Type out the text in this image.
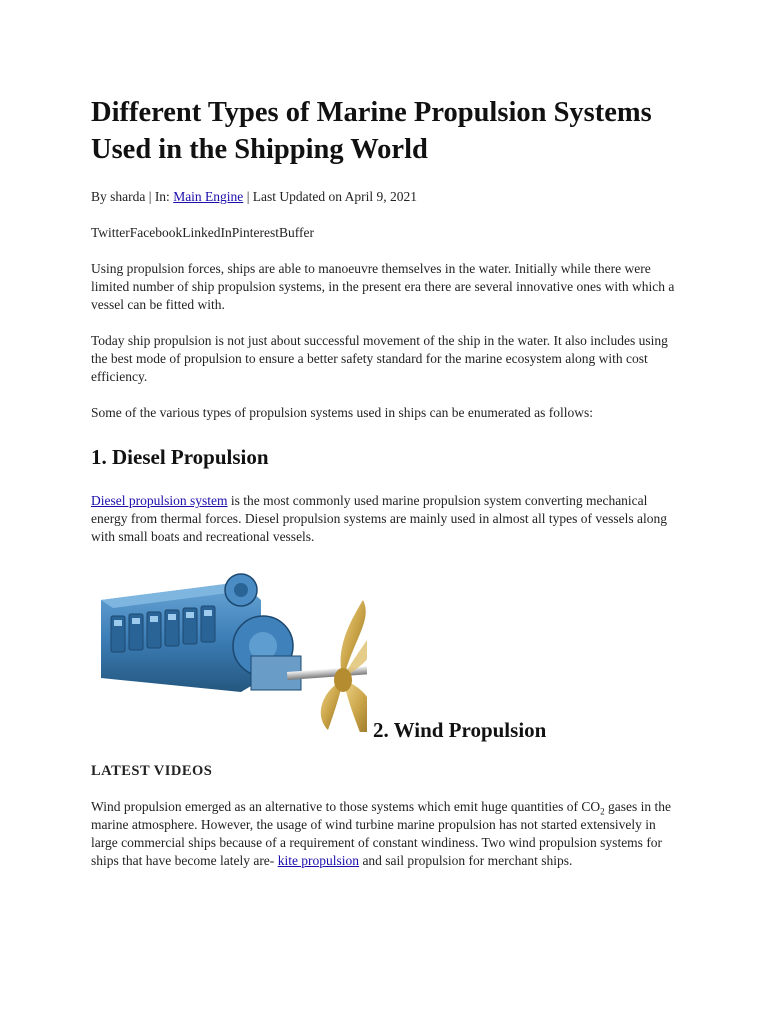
Different Types of Marine Propulsion Systems Used in the Shipping World
By sharda | In: Main Engine | Last Updated on April 9, 2021
TwitterFacebookLinkedInPinterestBuffer

Using propulsion forces, ships are able to manoeuvre themselves in the water. Initially while there were limited number of ship propulsion systems, in the present era there are several innovative ones with which a vessel can be fitted with.

Today ship propulsion is not just about successful movement of the ship in the water. It also includes using the best mode of propulsion to ensure a better safety standard for the marine ecosystem along with cost efficiency.

Some of the various types of propulsion systems used in ships can be enumerated as follows:

1. Diesel Propulsion

Diesel propulsion system is the most commonly used marine propulsion system converting mechanical energy from thermal forces. Diesel propulsion systems are mainly used in almost all types of vessels along with small boats and recreational vessels.

2. Wind Propulsion
LATEST VIDEOS

Wind propulsion emerged as an alternative to those systems which emit huge quantities of $CO_2$ gases in the marine atmosphere. However, the usage of wind turbine marine propulsion has not started extensively in large commercial ships because of a requirement of constant windiness. Two wind propulsion systems for ships that have become lately are- kite propulsion and sail propulsion for merchant ships.
